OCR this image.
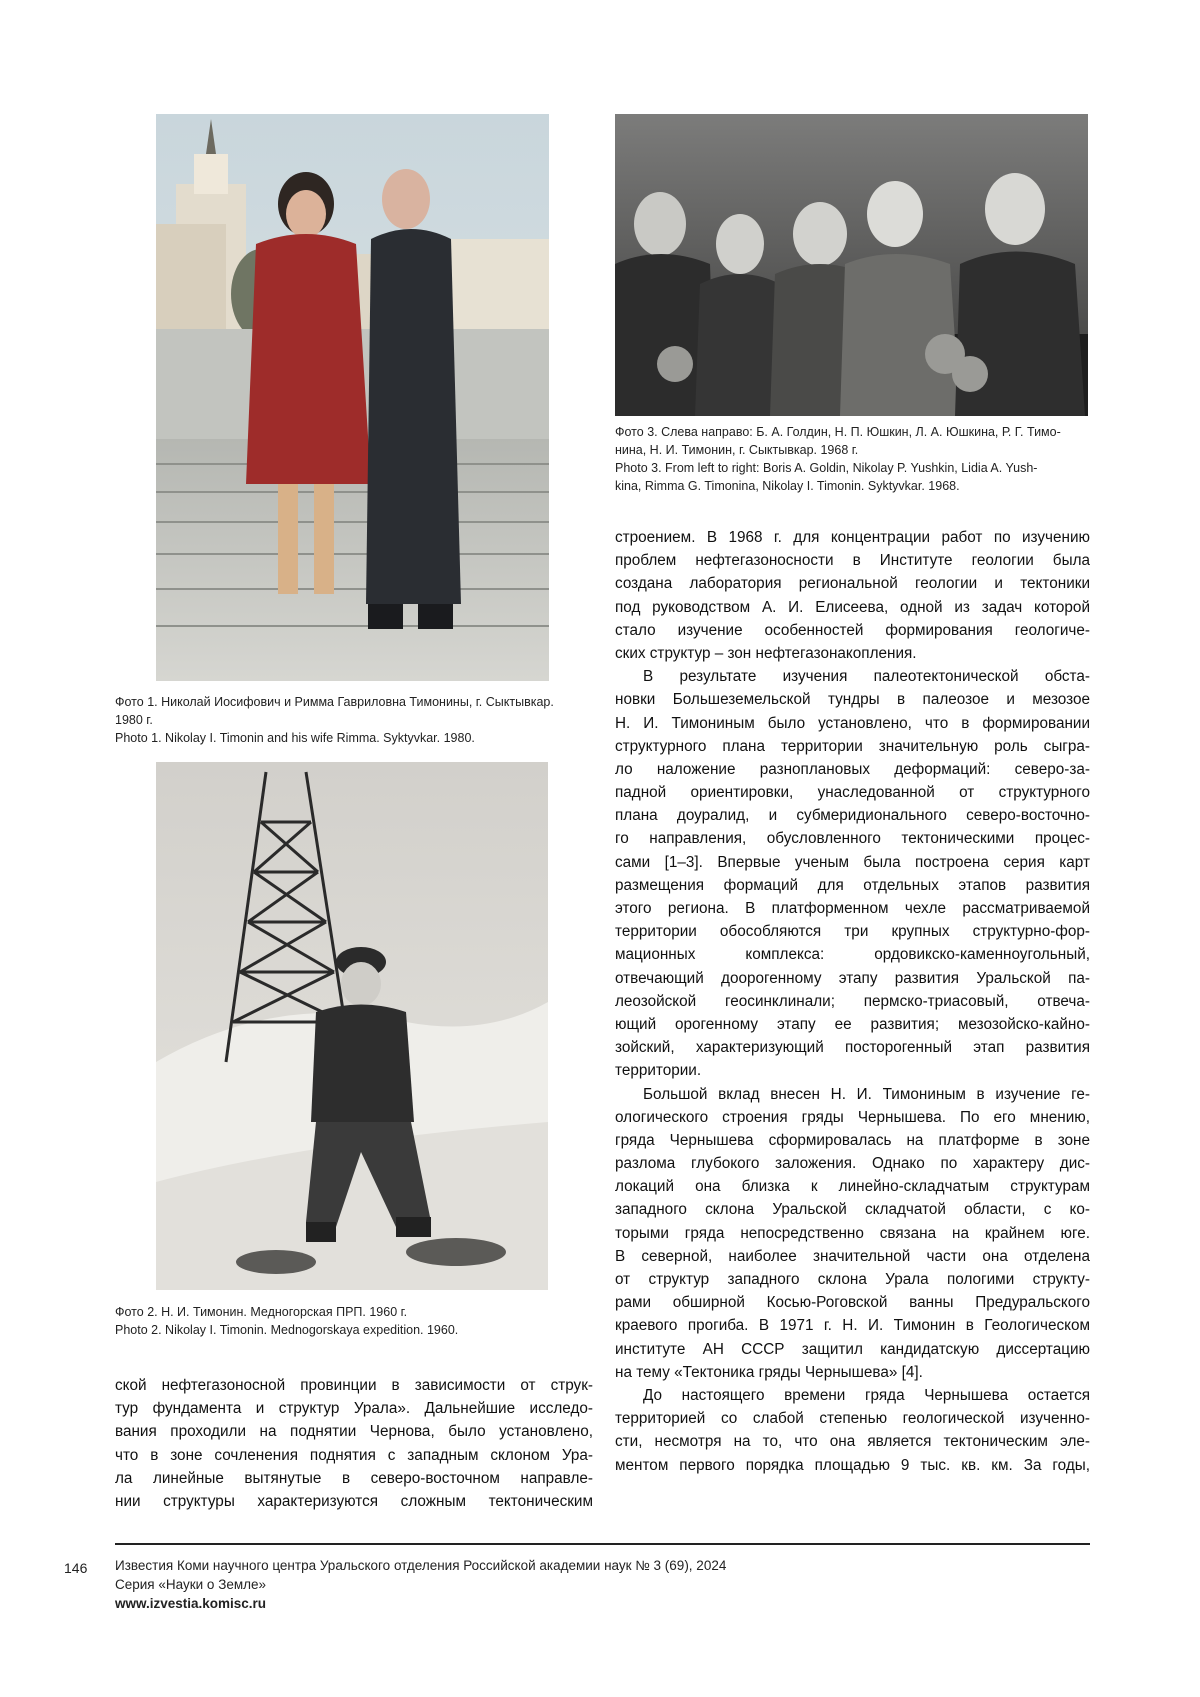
Фото 1. Николай Иосифович и Римма Гавриловна Тимонины, г. Сыктывкар.
1980 г.
Photo 1. Nikolay I. Timonin and his wife Rimma. Syktyvkar. 1980.
Фото 3. Слева направо: Б. А. Голдин, Н. П. Юшкин, Л. А. Юшкина, Р. Г. Тимо-
нина, Н. И. Тимонин, г. Сыктывкар. 1968 г.
Photo 3. From left to right: Boris A. Goldin, Nikolay P. Yushkin, Lidia A. Yush-
kina, Rimma G. Timonina, Nikolay I. Timonin. Syktyvkar. 1968.
Фото 2. Н. И. Тимонин. Медногорская ПРП. 1960 г.
Photo 2. Nikolay I. Timonin. Mednogorskaya expedition. 1960.
строением. В 1968 г. для концентрации работ по изучению
проблем нефтегазоносности в Институте геологии была
создана лаборатория региональной геологии и тектоники
под руководством А. И. Елисеева, одной из задач которой
стало изучение особенностей формирования геологиче-
ских структур – зон нефтегазонакопления.
В результате изучения палеотектонической обста-
новки Большеземельской тундры в палеозое и мезозое
Н. И. Тимониным было установлено, что в формировании
структурного плана территории значительную роль сыгра-
ло наложение разноплановых деформаций: северо-за-
падной ориентировки, унаследованной от структурного
плана доуралид, и субмеридионального северо-восточно-
го направления, обусловленного тектоническими процес-
сами [1–3]. Впервые ученым была построена серия карт
размещения формаций для отдельных этапов развития
этого региона. В платформенном чехле рассматриваемой
территории обособляются три крупных структурно-фор-
мационных комплекса: ордовикско-каменноугольный,
отвечающий доорогенному этапу развития Уральской па-
леозойской геосинклинали; пермско-триасовый, отвеча-
ющий орогенному этапу ее развития; мезозойско-кайно-
зойский, характеризующий посторогенный этап развития
территории.
Большой вклад внесен Н. И. Тимониным в изучение ге-
ологического строения гряды Чернышева. По его мнению,
гряда Чернышева сформировалась на платформе в зоне
разлома глубокого заложения. Однако по характеру дис-
локаций она близка к линейно-складчатым структурам
западного склона Уральской складчатой области, с ко-
торыми гряда непосредственно связана на крайнем юге.
В северной, наиболее значительной части она отделена
от структур западного склона Урала пологими структу-
рами обширной Косью-Роговской ванны Предуральского
краевого прогиба. В 1971 г. Н. И. Тимонин в Геологическом
институте АН СССР защитил кандидатскую диссертацию
на тему «Тектоника гряды Чернышева» [4].
До настоящего времени гряда Чернышева остается
территорией со слабой степенью геологической изученно-
сти, несмотря на то, что она является тектоническим эле-
ментом первого порядка площадью 9 тыс. кв. км. За годы,
ской нефтегазоносной провинции в зависимости от струк-
тур фундамента и структур Урала». Дальнейшие исследо-
вания проходили на поднятии Чернова, было установлено,
что в зоне сочленения поднятия с западным склоном Ура-
ла линейные вытянутые в северо-восточном направле-
нии структуры характеризуются сложным тектоническим
146 Известия Коми научного центра Уральского отделения Российской академии наук № 3 (69), 2024
Серия «Науки о Земле»
www.izvestia.komisc.ru
